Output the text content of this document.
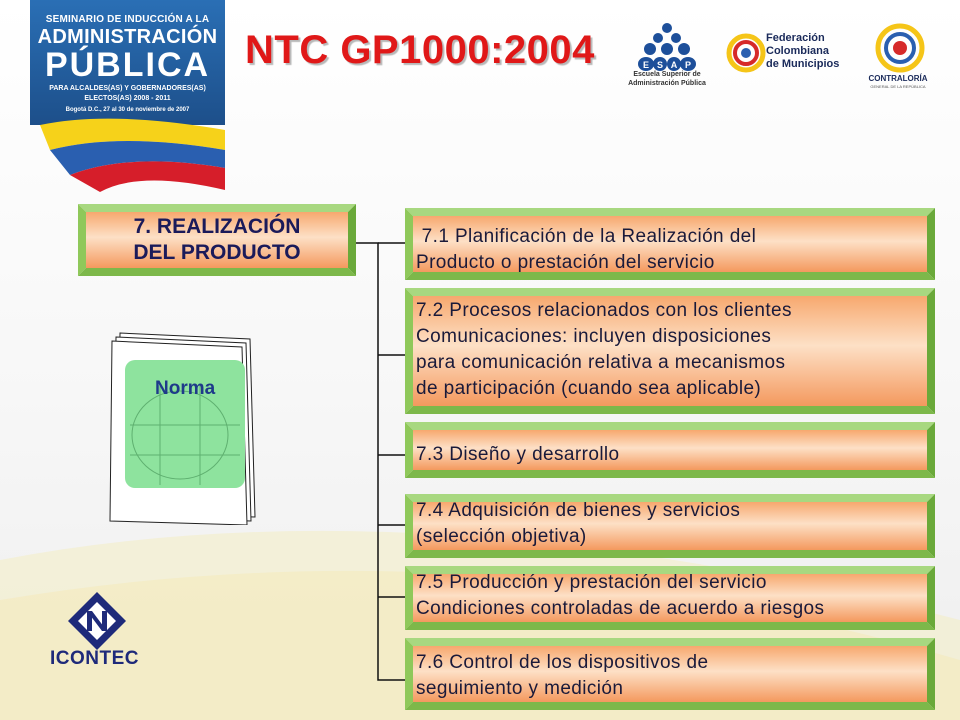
SEMINARIO DE INDUCCIÓN A LA
ADMINISTRACIÓN
PÚBLICA
PARA ALCALDES(AS) Y GOBERNADORES(AS)
ELECTOS(AS) 2008 - 2011
Bogotá D.C., 27 al 30 de noviembre de 2007
NTC GP1000:2004	E S A P
Escuela Superior de
Administración Pública
Federación
Colombiana
de Municipios
CONTRALORÍA
GENERAL DE LA REPÚBLICA
7. REALIZACIÓN
DEL PRODUCTO
Norma
ICONTEC
7.1 Planificación de la Realización del
Producto o prestación del servicio
7.2 Procesos relacionados con los clientes
Comunicaciones: incluyen disposiciones
para comunicación relativa a mecanismos
de participación (cuando sea aplicable)
7.3 Diseño y desarrollo
7.4 Adquisición de bienes y servicios
(selección objetiva)
7.5 Producción y prestación del servicio
Condiciones controladas de acuerdo a riesgos
7.6 Control de los dispositivos de
seguimiento y medición
